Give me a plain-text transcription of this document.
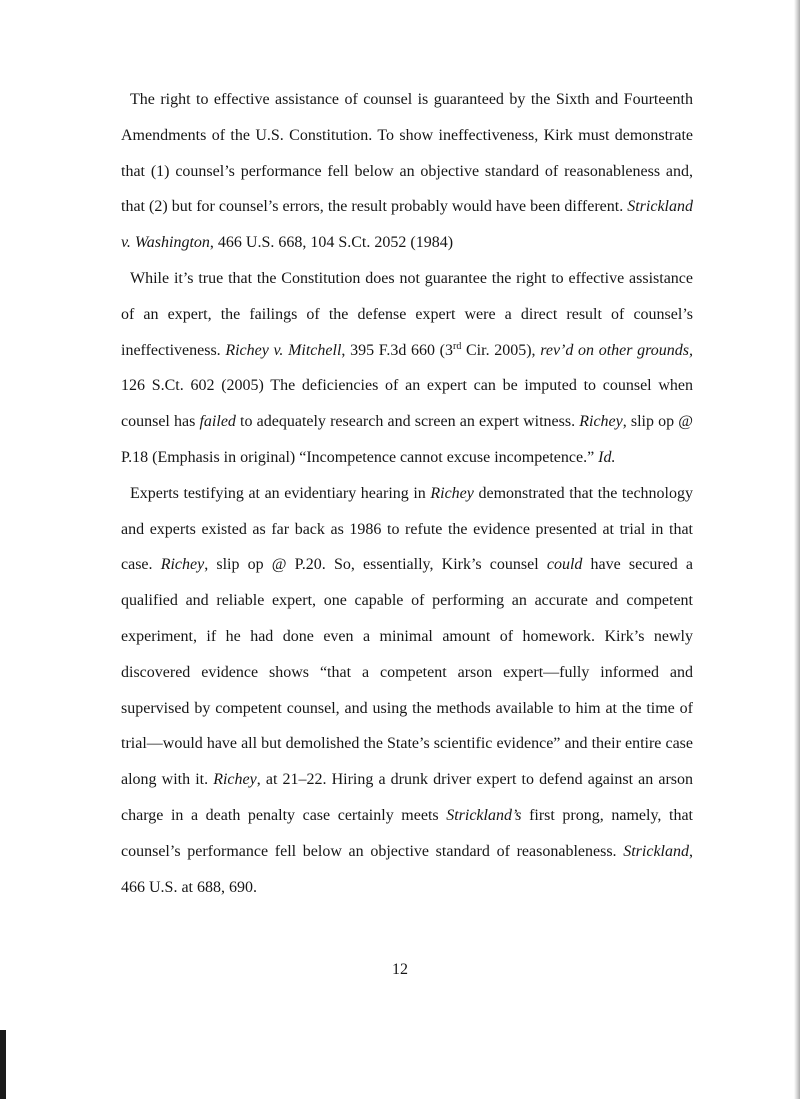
The right to effective assistance of counsel is guaranteed by the Sixth and Fourteenth Amendments of the U.S. Constitution. To show ineffectiveness, Kirk must demonstrate that (1) counsel’s performance fell below an objective standard of reasonableness and, that (2) but for counsel’s errors, the result probably would have been different. Strickland v. Washington, 466 U.S. 668, 104 S.Ct. 2052 (1984)

While it’s true that the Constitution does not guarantee the right to effective assistance of an expert, the failings of the defense expert were a direct result of counsel’s ineffectiveness. Richey v. Mitchell, 395 F.3d 660 (3rd Cir. 2005), rev’d on other grounds, 126 S.Ct. 602 (2005) The deficiencies of an expert can be imputed to counsel when counsel has failed to adequately research and screen an expert witness. Richey, slip op @ P.18 (Emphasis in original) “Incompetence cannot excuse incompetence.” Id.

Experts testifying at an evidentiary hearing in Richey demonstrated that the technology and experts existed as far back as 1986 to refute the evidence presented at trial in that case. Richey, slip op @ P.20. So, essentially, Kirk’s counsel could have secured a qualified and reliable expert, one capable of performing an accurate and competent experiment, if he had done even a minimal amount of homework. Kirk’s newly discovered evidence shows “that a competent arson expert—fully informed and supervised by competent counsel, and using the methods available to him at the time of trial—would have all but demolished the State’s scientific evidence” and their entire case along with it. Richey, at 21–22. Hiring a drunk driver expert to defend against an arson charge in a death penalty case certainly meets Strickland’s first prong, namely, that counsel’s performance fell below an objective standard of reasonableness. Strickland, 466 U.S. at 688, 690.

12
